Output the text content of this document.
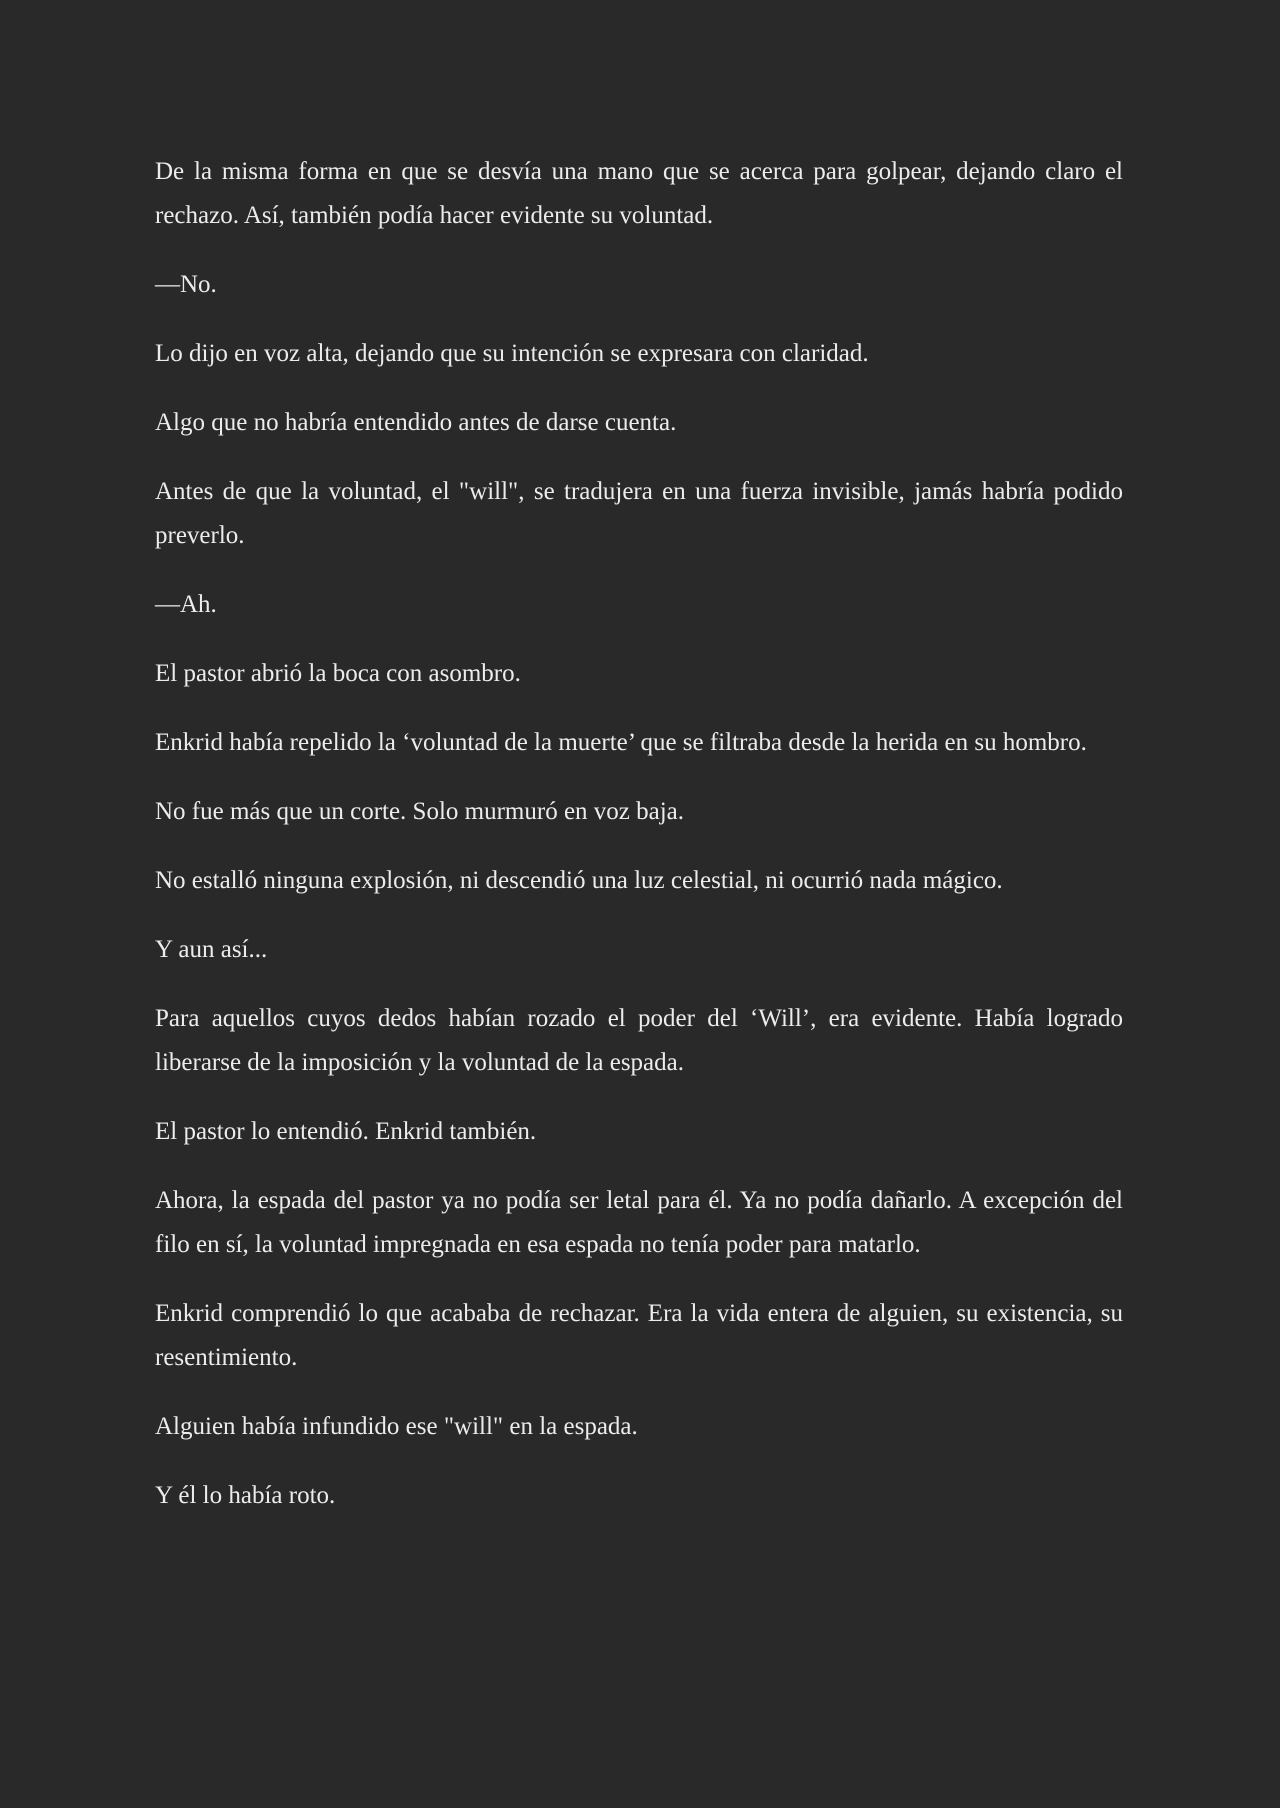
De la misma forma en que se desvía una mano que se acerca para golpear, dejando claro el rechazo. Así, también podía hacer evidente su voluntad.

—No.

Lo dijo en voz alta, dejando que su intención se expresara con claridad.

Algo que no habría entendido antes de darse cuenta.

Antes de que la voluntad, el "will", se tradujera en una fuerza invisible, jamás habría podido preverlo.

—Ah.

El pastor abrió la boca con asombro.

Enkrid había repelido la ‘voluntad de la muerte’ que se filtraba desde la herida en su hombro.

No fue más que un corte. Solo murmuró en voz baja.

No estalló ninguna explosión, ni descendió una luz celestial, ni ocurrió nada mágico.

Y aun así...

Para aquellos cuyos dedos habían rozado el poder del ‘Will’, era evidente. Había logrado liberarse de la imposición y la voluntad de la espada.

El pastor lo entendió. Enkrid también.

Ahora, la espada del pastor ya no podía ser letal para él. Ya no podía dañarlo. A excepción del filo en sí, la voluntad impregnada en esa espada no tenía poder para matarlo.

Enkrid comprendió lo que acababa de rechazar. Era la vida entera de alguien, su existencia, su resentimiento.

Alguien había infundido ese "will" en la espada.

Y él lo había roto.
